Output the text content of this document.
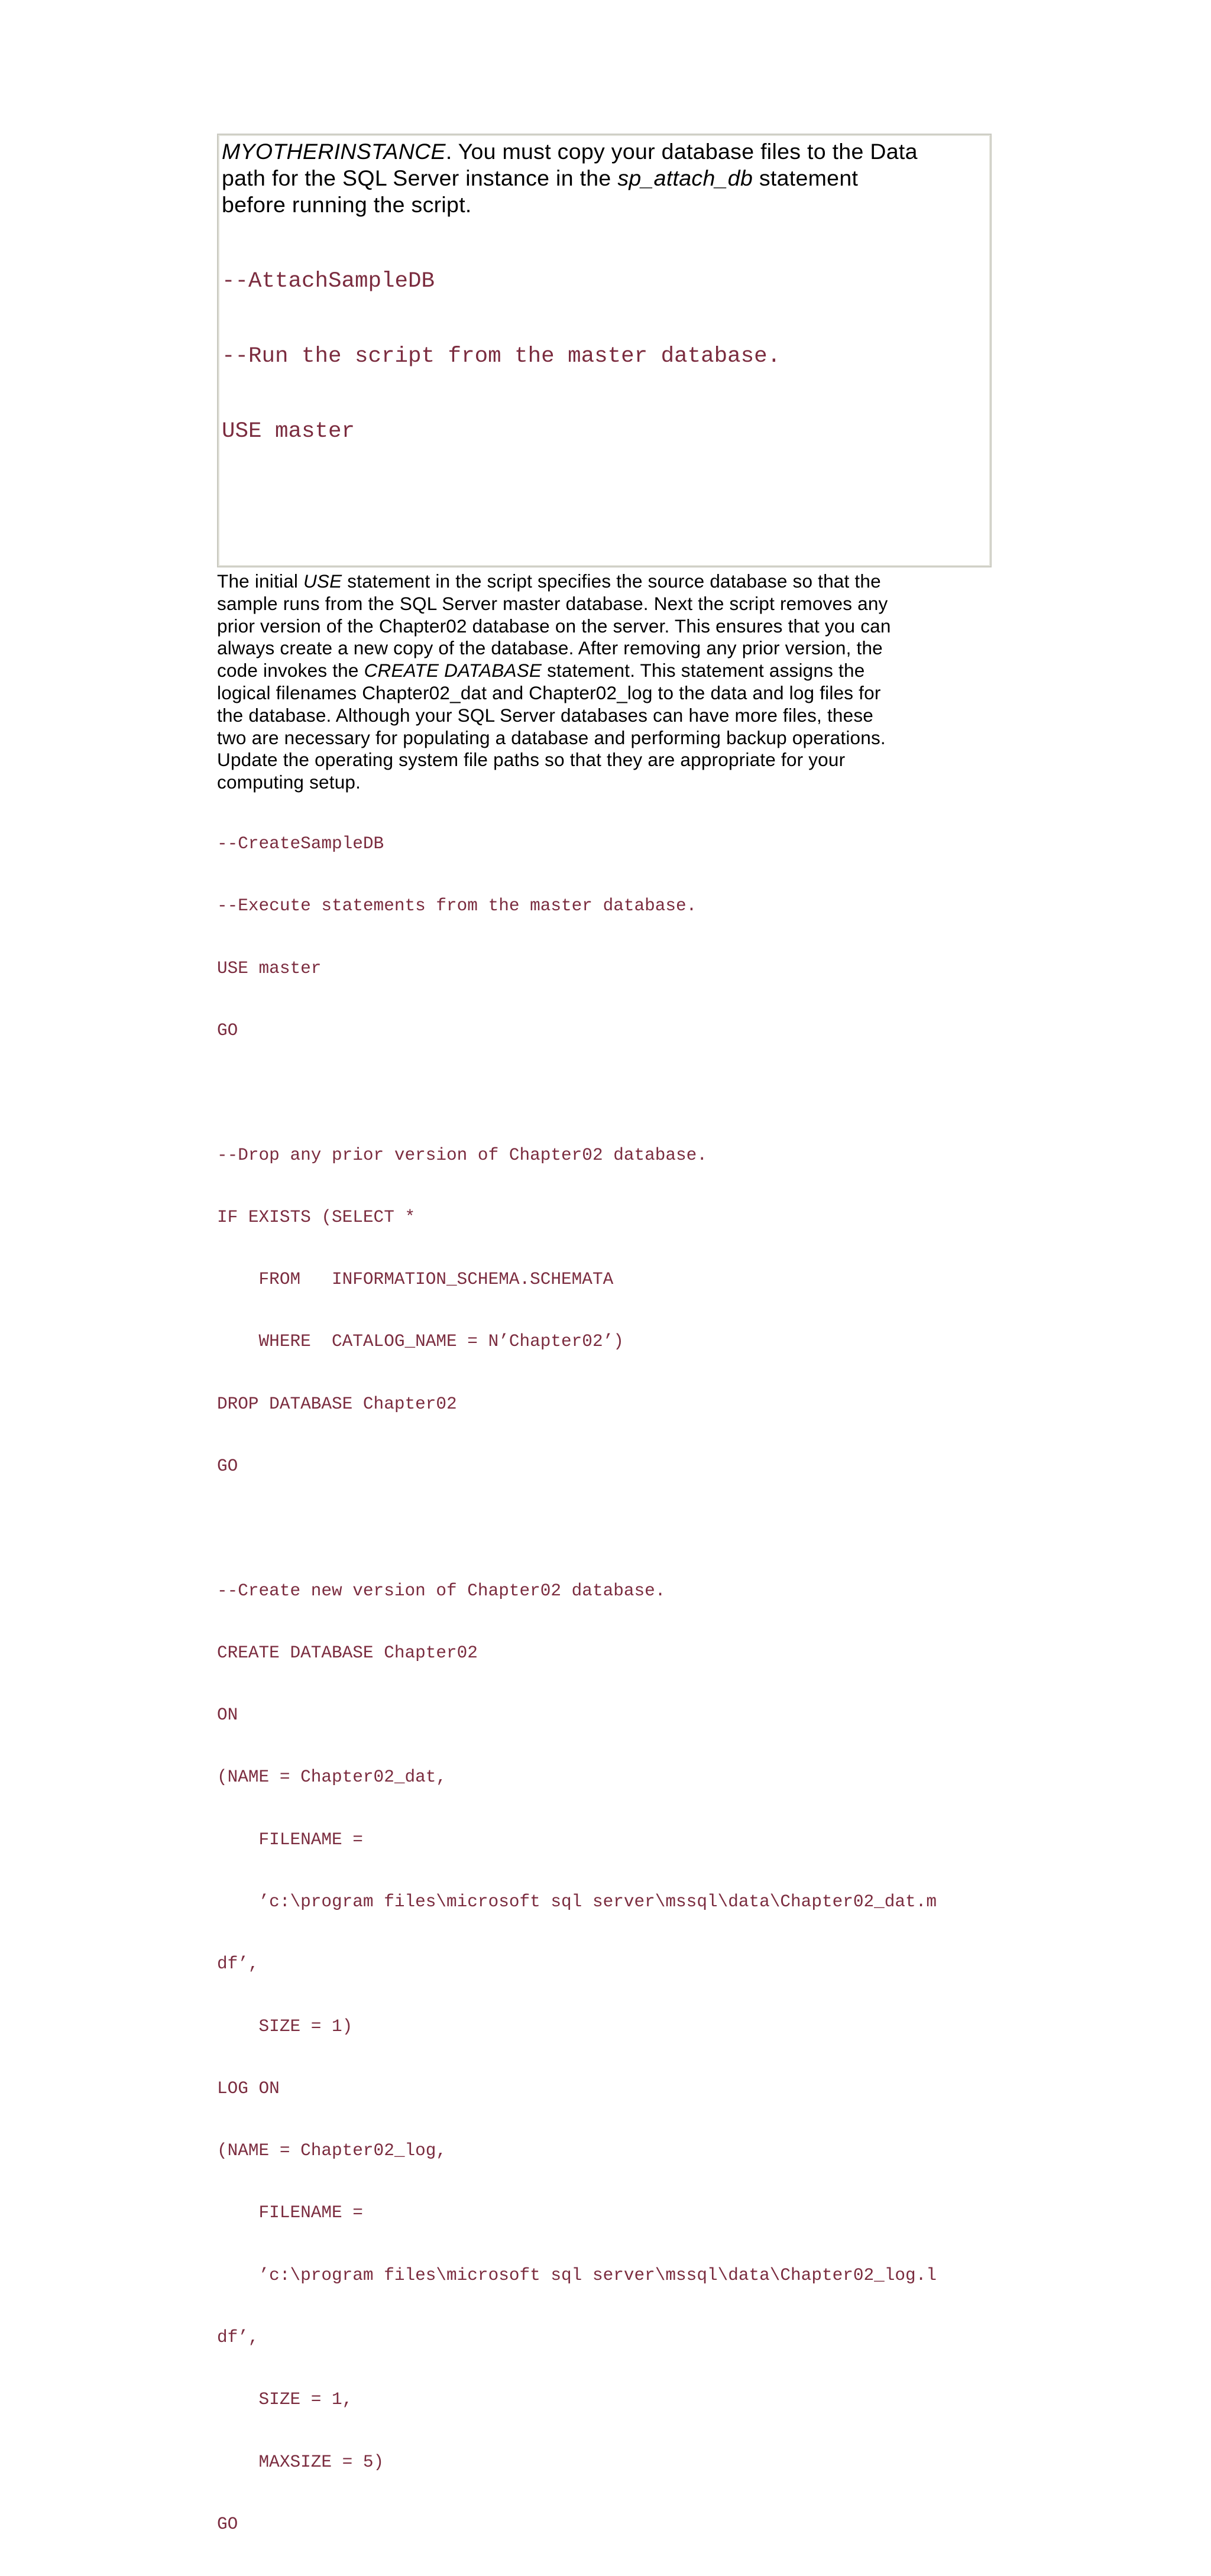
MYOTHERINSTANCE. You must copy your database files to the Data
path for the SQL Server instance in the sp_attach_db statement
before running the script.

--AttachSampleDB

--Run the script from the master database.

USE master

The initial USE statement in the script specifies the source database so that the
sample runs from the SQL Server master database. Next the script removes any
prior version of the Chapter02 database on the server. This ensures that you can
always create a new copy of the database. After removing any prior version, the
code invokes the CREATE DATABASE statement. This statement assigns the
logical filenames Chapter02_dat and Chapter02_log to the data and log files for
the database. Although your SQL Server databases can have more files, these
two are necessary for populating a database and performing backup operations.
Update the operating system file paths so that they are appropriate for your
computing setup.

--CreateSampleDB

--Execute statements from the master database.

USE master

GO

--Drop any prior version of Chapter02 database.

IF EXISTS (SELECT *

FROM   INFORMATION_SCHEMA.SCHEMATA

WHERE  CATALOG_NAME = N’Chapter02’)

DROP DATABASE Chapter02

GO

--Create new version of Chapter02 database.

CREATE DATABASE Chapter02

ON

(NAME = Chapter02_dat,

FILENAME =

’c:\program files\microsoft sql server\mssql\data\Chapter02_dat.m

df’,

SIZE = 1)

LOG ON

(NAME = Chapter02_log,

FILENAME =

’c:\program files\microsoft sql server\mssql\data\Chapter02_log.l

df’,

SIZE = 1,

MAXSIZE = 5)

GO
